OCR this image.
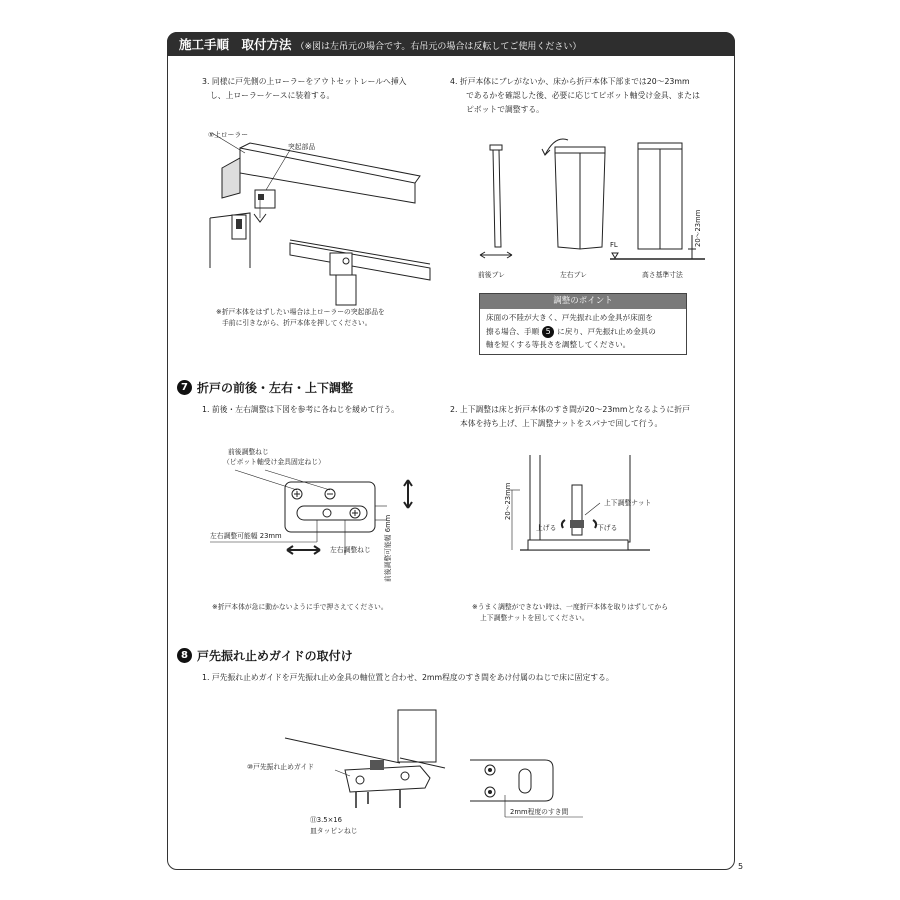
施工手順　取付方法 （※図は左吊元の場合です。右吊元の場合は反転してご使用ください）
3. 同様に戸先側の上ローラーをアウトセットレールへ挿入
し、上ローラーケースに装着する。
⑤上ローラー
突起部品
※折戸本体をはずしたい場合は上ローラーの突起部品を
手前に引きながら、折戸本体を押してください。
4. 折戸本体にブレがないか、床から折戸本体下部までは20～23mm
であるかを確認した後、必要に応じてピボット軸受け金具、または
ピボットで調整する。
前後ブレ	左右ブレ	高さ基準寸法
FL	20～23mm
調整のポイント
床面の不陸が大きく、戸先振れ止め金具が床面を
擦る場合、手順 5 に戻り、戸先振れ止め金具の
軸を短くする等長さを調整してください。
7 折戸の前後・左右・上下調整
1. 前後・左右調整は下図を参考に各ねじを緩めて行う。	2. 上下調整は床と折戸本体のすき間が20～23mmとなるように折戸
本体を持ち上げ、上下調整ナットをスパナで回して行う。
前後調整ねじ
（ピボット軸受け金具固定ねじ）
左右調整可能幅 23mm
左右調整ねじ 前後調整可能幅 6mm
上下調整ナット
上げる	下げる
20～23mm
※折戸本体が急に動かないように手で押さえてください。	※うまく調整ができない時は、一度折戸本体を取りはずしてから
上下調整ナットを回してください。
8 戸先振れ止めガイドの取付け
1. 戸先振れ止めガイドを戸先振れ止め金具の軸位置と合わせ、2mm程度のすき間をあけ付属のねじで床に固定する。
⑩戸先振れ止めガイド
⑪3.5×16
皿タッピンねじ
2mm程度のすき間
5
